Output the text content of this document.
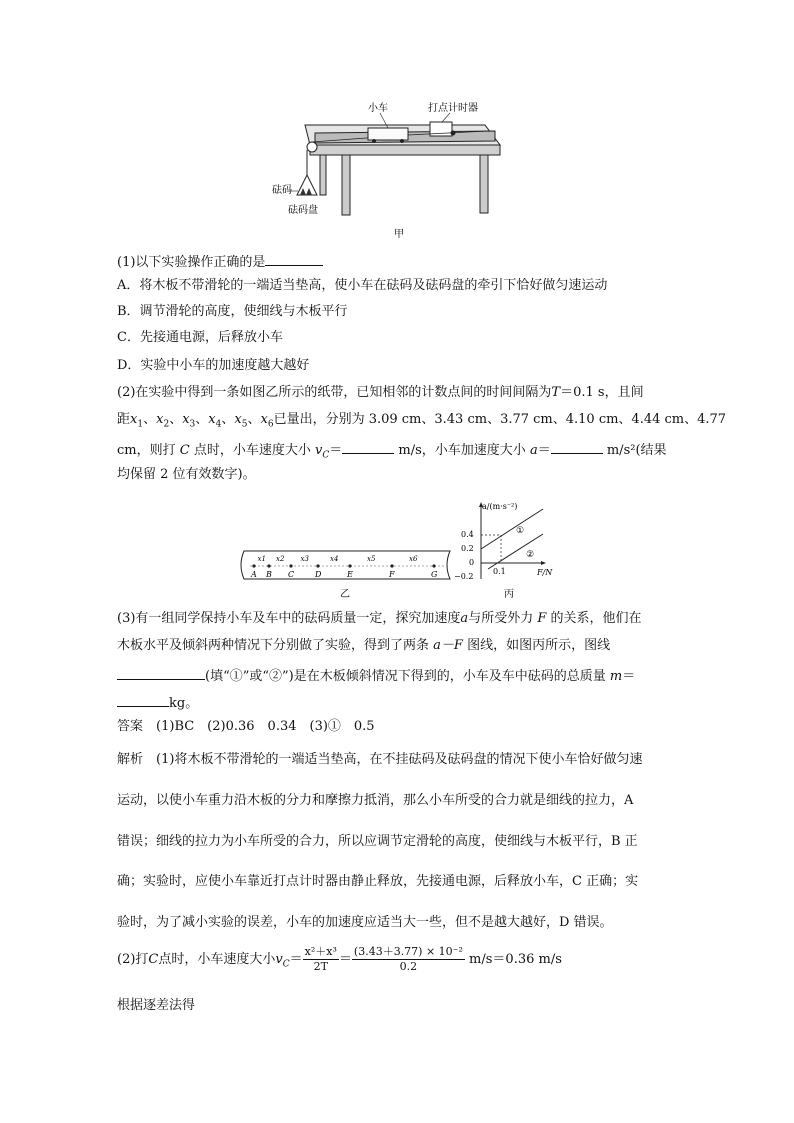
小车	打点计时器
砝码
砝码盘
甲
(1)以下实验操作正确的是
A．将木板不带滑轮的一端适当垫高，使小车在砝码及砝码盘的牵引下恰好做匀速运动
B．调节滑轮的高度，使细线与木板平行
C．先接通电源，后释放小车
D．实验中小车的加速度越大越好
(2)在实验中得到一条如图乙所示的纸带，已知相邻的计数点间的时间间隔为T＝0.1 s，且间
距$x_1$、$x_2$、$x_3$、$x_4$、$x_5$、$x_6$已量出，分别为 3.09 cm、3.43 cm、3.77 cm、4.10 cm、4.44 cm、4.77
cm，则打 C 点时，小车速度大小 $v_C=$	m/s，小车加速度大小 a＝	m/s²(结果
均保留 2 位有效数字)。
A B C	D	E	F	G
x1 x2 x3	x4	x5	x6
乙
a/(m·s⁻²)
F/N
0.4
0.2
0
−0.2
0.1
①
②
丙
(3)有一组同学保持小车及车中的砝码质量一定，探究加速度a与所受外力 F 的关系，他们在
木板水平及倾斜两种情况下分别做了实验，得到了两条 a－F 图线，如图丙所示，图线
(填“①”或“②”)是在木板倾斜情况下得到的，小车及车中砝码的总质量 m＝
kg。
答案　 (1)BC　(2)0.36　0.34　(3)①　0.5
解析　 (1)将木板不带滑轮的一端适当垫高，在不挂砝码及砝码盘的情况下使小车恰好做匀速
运动，以使小车重力沿木板的分力和摩擦力抵消，那么小车所受的合力就是细线的拉力，A
错误；细线的拉力为小车所受的合力，所以应调节定滑轮的高度，使细线与木板平行，B 正
确；实验时，应使小车靠近打点计时器由静止释放，先接通电源，后释放小车，C 正确；实
验时，为了减小实验的误差，小车的加速度应适当大一些，但不是越大越好，D 错误。
(2)打C点时，小车速度大小$v_C= \frac{\text{x²＋x³}}{2T} = \frac{\text{(3.43＋3.77) × 10⁻²}}{0.2} m/s=0.36$ m/s
根据逐差法得
